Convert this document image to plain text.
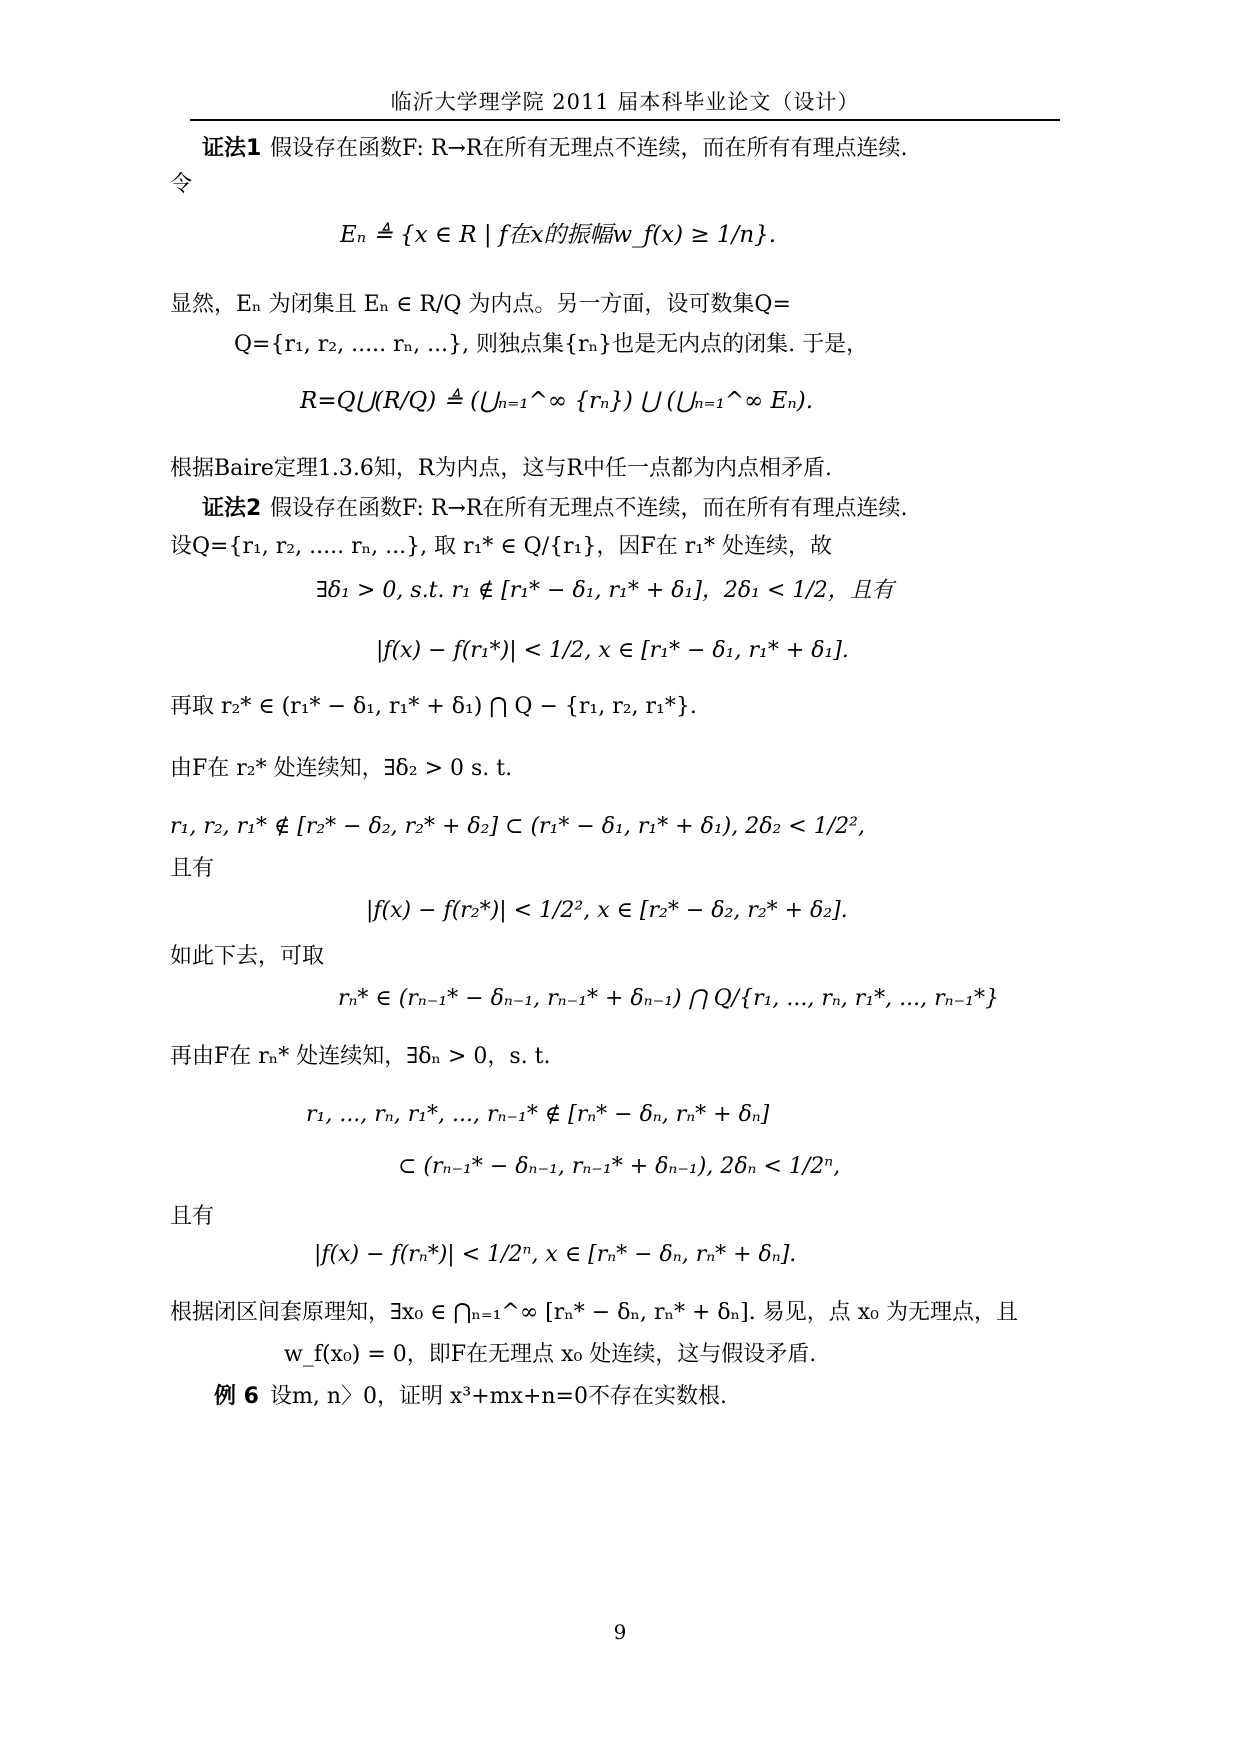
临沂大学理学院 2011 届本科毕业论文（设计）
证法1 假设存在函数F: R→R在所有无理点不连续，而在所有有理点连续.
令
Eₙ ≜ {x ∈ R | f在x的振幅w_f(x) ≥ 1/n}.
显然，Eₙ 为闭集且 Eₙ ∈ R/Q 为内点。另一方面，设可数集Q=
Q={r₁, r₂, ..... rₙ, ...}, 则独点集{rₙ}也是无内点的闭集. 于是，
R=Q⋃(R/Q) ≜ (⋃ₙ₌₁^∞ {rₙ}) ⋃ (⋃ₙ₌₁^∞ Eₙ).
根据Baire定理1.3.6知，R为内点，这与R中任一点都为内点相矛盾.
证法2 假设存在函数F: R→R在所有无理点不连续，而在所有有理点连续.
设Q={r₁, r₂, ..... rₙ, ...}, 取 r₁* ∈ Q/{r₁}，因F在 r₁* 处连续，故
∃δ₁ > 0, s.t. r₁ ∉ [r₁* − δ₁, r₁* + δ₁]，2δ₁ < 1/2，且有
|f(x) − f(r₁*)| < 1/2, x ∈ [r₁* − δ₁, r₁* + δ₁].
再取 r₂* ∈ (r₁* − δ₁, r₁* + δ₁) ⋂ Q − {r₁, r₂, r₁*}.
由F在 r₂* 处连续知，∃δ₂ > 0 s. t.
r₁, r₂, r₁* ∉ [r₂* − δ₂, r₂* + δ₂] ⊂ (r₁* − δ₁, r₁* + δ₁), 2δ₂ < 1/2²,
且有
|f(x) − f(r₂*)| < 1/2², x ∈ [r₂* − δ₂, r₂* + δ₂].
如此下去，可取
rₙ* ∈ (rₙ₋₁* − δₙ₋₁, rₙ₋₁* + δₙ₋₁) ⋂ Q/{r₁, ..., rₙ, r₁*, ..., rₙ₋₁*}
再由F在 rₙ* 处连续知，∃δₙ > 0，s. t.
r₁, ..., rₙ, r₁*, ..., rₙ₋₁* ∉ [rₙ* − δₙ, rₙ* + δₙ]
⊂ (rₙ₋₁* − δₙ₋₁, rₙ₋₁* + δₙ₋₁), 2δₙ < 1/2ⁿ,
且有
|f(x) − f(rₙ*)| < 1/2ⁿ, x ∈ [rₙ* − δₙ, rₙ* + δₙ].
根据闭区间套原理知，∃x₀ ∈ ⋂ₙ₌₁^∞ [rₙ* − δₙ, rₙ* + δₙ]. 易见，点 x₀ 为无理点，且
w_f(x₀) = 0，即F在无理点 x₀ 处连续，这与假设矛盾.
例 6 设m, n〉0，证明 x³+mx+n=0不存在实数根.
9
